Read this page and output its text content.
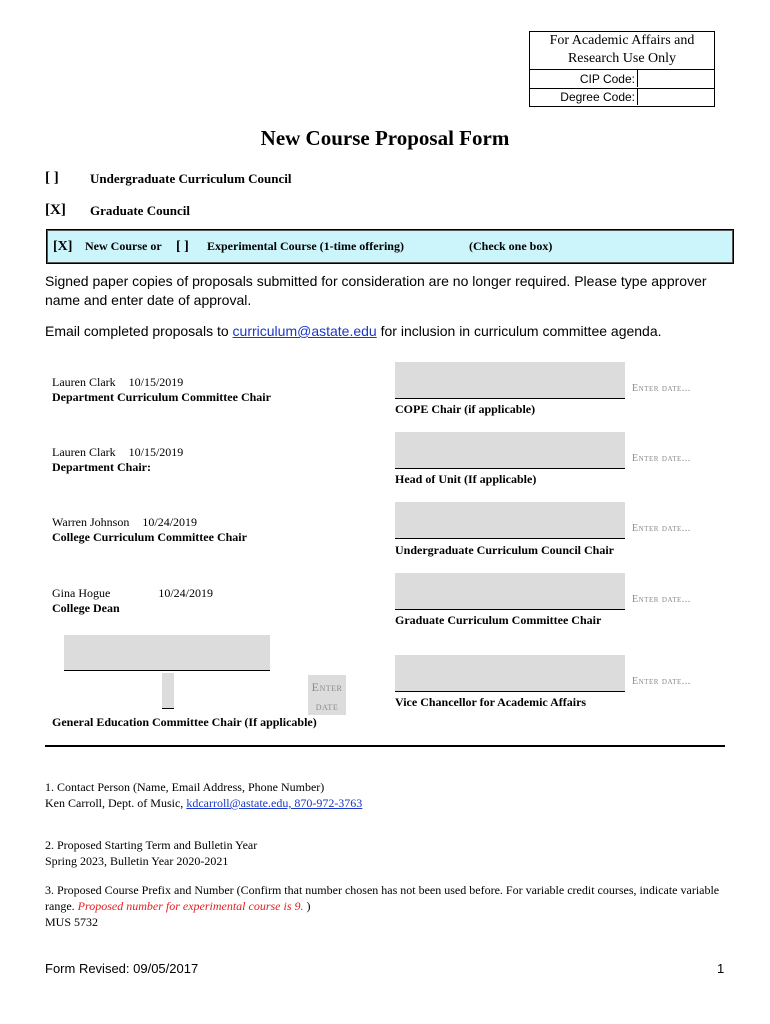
For Academic Affairs and
Research Use Only
CIP Code:
Degree Code:
New Course Proposal Form
[ ] Undergraduate Curriculum Council
[X] Graduate Council
[X] New Course or [ ] Experimental Course (1-time offering)	(Check one box)
Signed paper copies of proposals submitted for consideration are no longer required. Please type approver name and enter date of approval.
Email completed proposals to curriculum@astate.edu for inclusion in curriculum committee agenda.
Lauren Clark 10/15/2019
Department Curriculum Committee Chair
Lauren Clark 10/15/2019
Department Chair:
Warren Johnson 10/24/2019
College Curriculum Committee Chair
Gina Hogue	10/24/2019
College Dean
Enter date...
COPE Chair (if applicable)
Enter date...
Head of Unit (If applicable)
Enter date...
Undergraduate Curriculum Council Chair
Enter date...
Graduate Curriculum Committee Chair
Enter date...
Vice Chancellor for Academic Affairs
Enter
date
General Education Committee Chair (If applicable)
1. Contact Person (Name, Email Address, Phone Number)
Ken Carroll, Dept. of Music, kdcarroll@astate.edu, 870-972-3763
2. Proposed Starting Term and Bulletin Year
Spring 2023, Bulletin Year 2020-2021
3. Proposed Course Prefix and Number (Confirm that number chosen has not been used before. For variable credit courses, indicate variable range. Proposed number for experimental course is 9. )
MUS 5732
Form Revised: 09/05/2017	1
